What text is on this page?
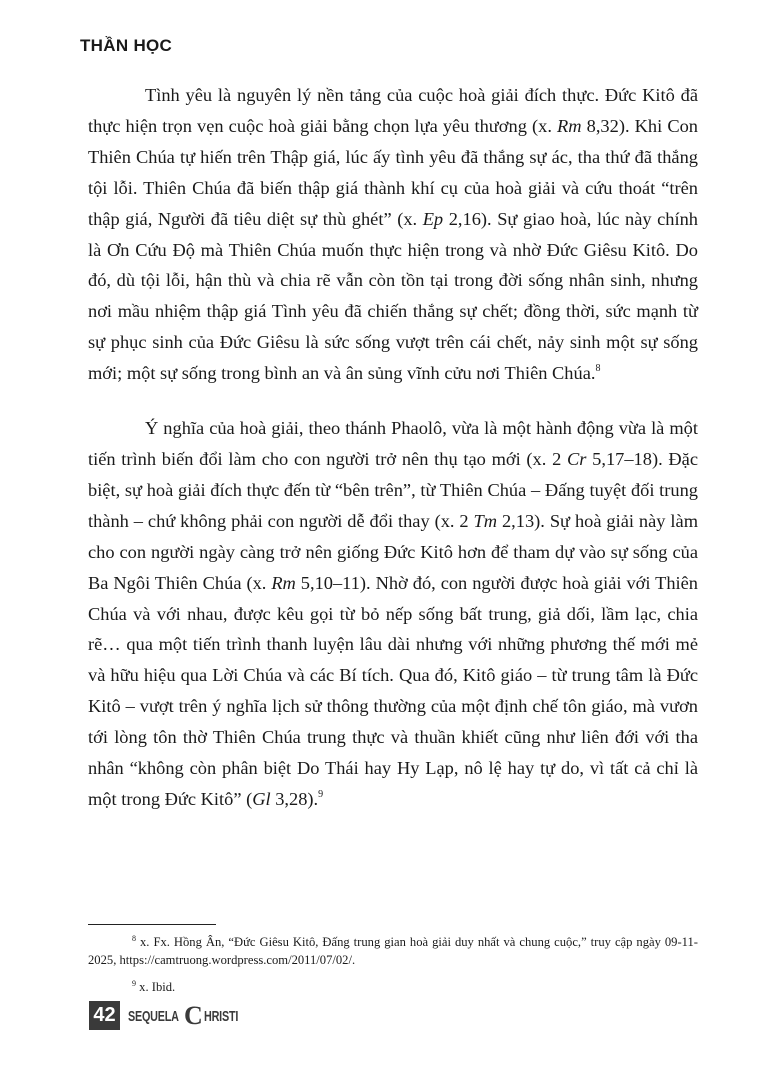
THẦN HỌC

Tình yêu là nguyên lý nền tảng của cuộc hoà giải đích thực. Đức Kitô đã thực hiện trọn vẹn cuộc hoà giải bằng chọn lựa yêu thương (x. Rm 8,32). Khi Con Thiên Chúa tự hiến trên Thập giá, lúc ấy tình yêu đã thắng sự ác, tha thứ đã thắng tội lỗi. Thiên Chúa đã biến thập giá thành khí cụ của hoà giải và cứu thoát “trên thập giá, Người đã tiêu diệt sự thù ghét” (x. Ep 2,16). Sự giao hoà, lúc này chính là Ơn Cứu Độ mà Thiên Chúa muốn thực hiện trong và nhờ Đức Giêsu Kitô. Do đó, dù tội lỗi, hận thù và chia rẽ vẫn còn tồn tại trong đời sống nhân sinh, nhưng nơi mầu nhiệm thập giá Tình yêu đã chiến thắng sự chết; đồng thời, sức mạnh từ sự phục sinh của Đức Giêsu là sức sống vượt trên cái chết, nảy sinh một sự sống mới; một sự sống trong bình an và ân sủng vĩnh cửu nơi Thiên Chúa.$^8$

Ý nghĩa của hoà giải, theo thánh Phaolô, vừa là một hành động vừa là một tiến trình biến đổi làm cho con người trở nên thụ tạo mới (x. 2 Cr 5,17–18). Đặc biệt, sự hoà giải đích thực đến từ “bên trên”, từ Thiên Chúa – Đấng tuyệt đối trung thành – chứ không phải con người dễ đổi thay (x. 2 Tm 2,13). Sự hoà giải này làm cho con người ngày càng trở nên giống Đức Kitô hơn để tham dự vào sự sống của Ba Ngôi Thiên Chúa (x. Rm 5,10–11). Nhờ đó, con người được hoà giải với Thiên Chúa và với nhau, được kêu gọi từ bỏ nếp sống bất trung, giả dối, lầm lạc, chia rẽ… qua một tiến trình thanh luyện lâu dài nhưng với những phương thế mới mẻ và hữu hiệu qua Lời Chúa và các Bí tích. Qua đó, Kitô giáo – từ trung tâm là Đức Kitô – vượt trên ý nghĩa lịch sử thông thường của một định chế tôn giáo, mà vươn tới lòng tôn thờ Thiên Chúa trung thực và thuần khiết cũng như liên đới với tha nhân “không còn phân biệt Do Thái hay Hy Lạp, nô lệ hay tự do, vì tất cả chỉ là một trong Đức Kitô” (Gl 3,28).$^9$

$^8$ x. Fx. Hồng Ân, “Đức Giêsu Kitô, Đấng trung gian hoà giải duy nhất và chung cuộc,” truy cập ngày 09-11-2025, https://camtruong.wordpress.com/2011/07/02/.
$^9$ x. Ibid.
42 SEQUELA C HRISTI
